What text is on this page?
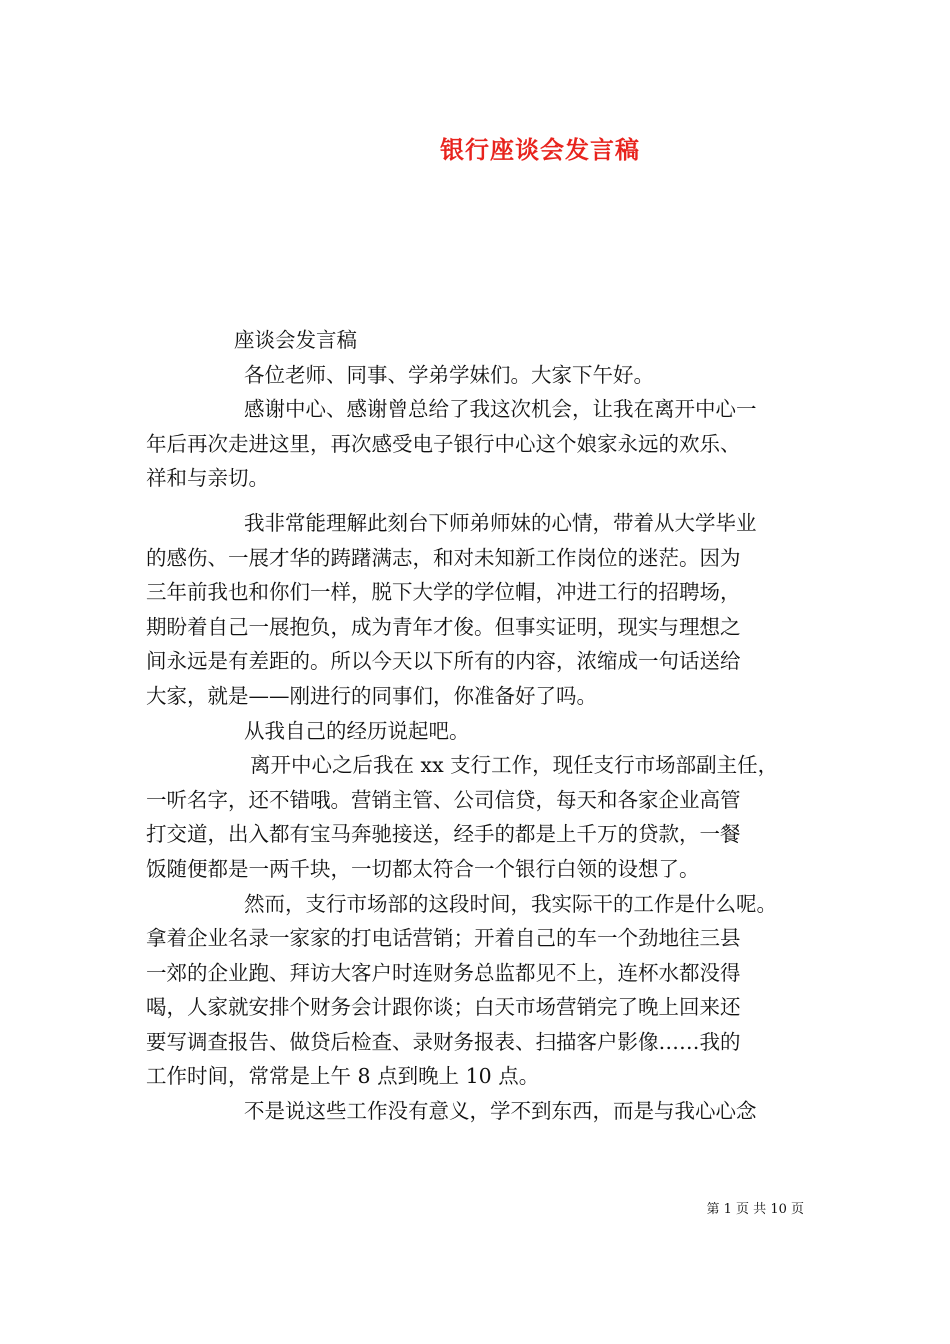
银行座谈会发言稿
座谈会发言稿
各位老师、同事、学弟学妹们。大家下午好。
感谢中心、感谢曾总给了我这次机会，让我在离开中心一
年后再次走进这里，再次感受电子银行中心这个娘家永远的欢乐、
祥和与亲切。
我非常能理解此刻台下师弟师妹的心情，带着从大学毕业
的感伤、一展才华的踌躇满志，和对未知新工作岗位的迷茫。因为
三年前我也和你们一样，脱下大学的学位帽，冲进工行的招聘场，
期盼着自己一展抱负，成为青年才俊。但事实证明，现实与理想之
间永远是有差距的。所以今天以下所有的内容，浓缩成一句话送给
大家，就是——刚进行的同事们，你准备好了吗。
从我自己的经历说起吧。
离开中心之后我在 xx 支行工作，现任支行市场部副主任，
一听名字，还不错哦。营销主管、公司信贷，每天和各家企业高管
打交道，出入都有宝马奔驰接送，经手的都是上千万的贷款，一餐
饭随便都是一两千块，一切都太符合一个银行白领的设想了。
然而，支行市场部的这段时间，我实际干的工作是什么呢。
拿着企业名录一家家的打电话营销；开着自己的车一个劲地往三县
一郊的企业跑、拜访大客户时连财务总监都见不上，连杯水都没得
喝，人家就安排个财务会计跟你谈；白天市场营销完了晚上回来还
要写调查报告、做贷后检查、录财务报表、扫描客户影像……我的
工作时间，常常是上午 8 点到晚上 10 点。
不是说这些工作没有意义，学不到东西，而是与我心心念
第 1 页 共 10 页
